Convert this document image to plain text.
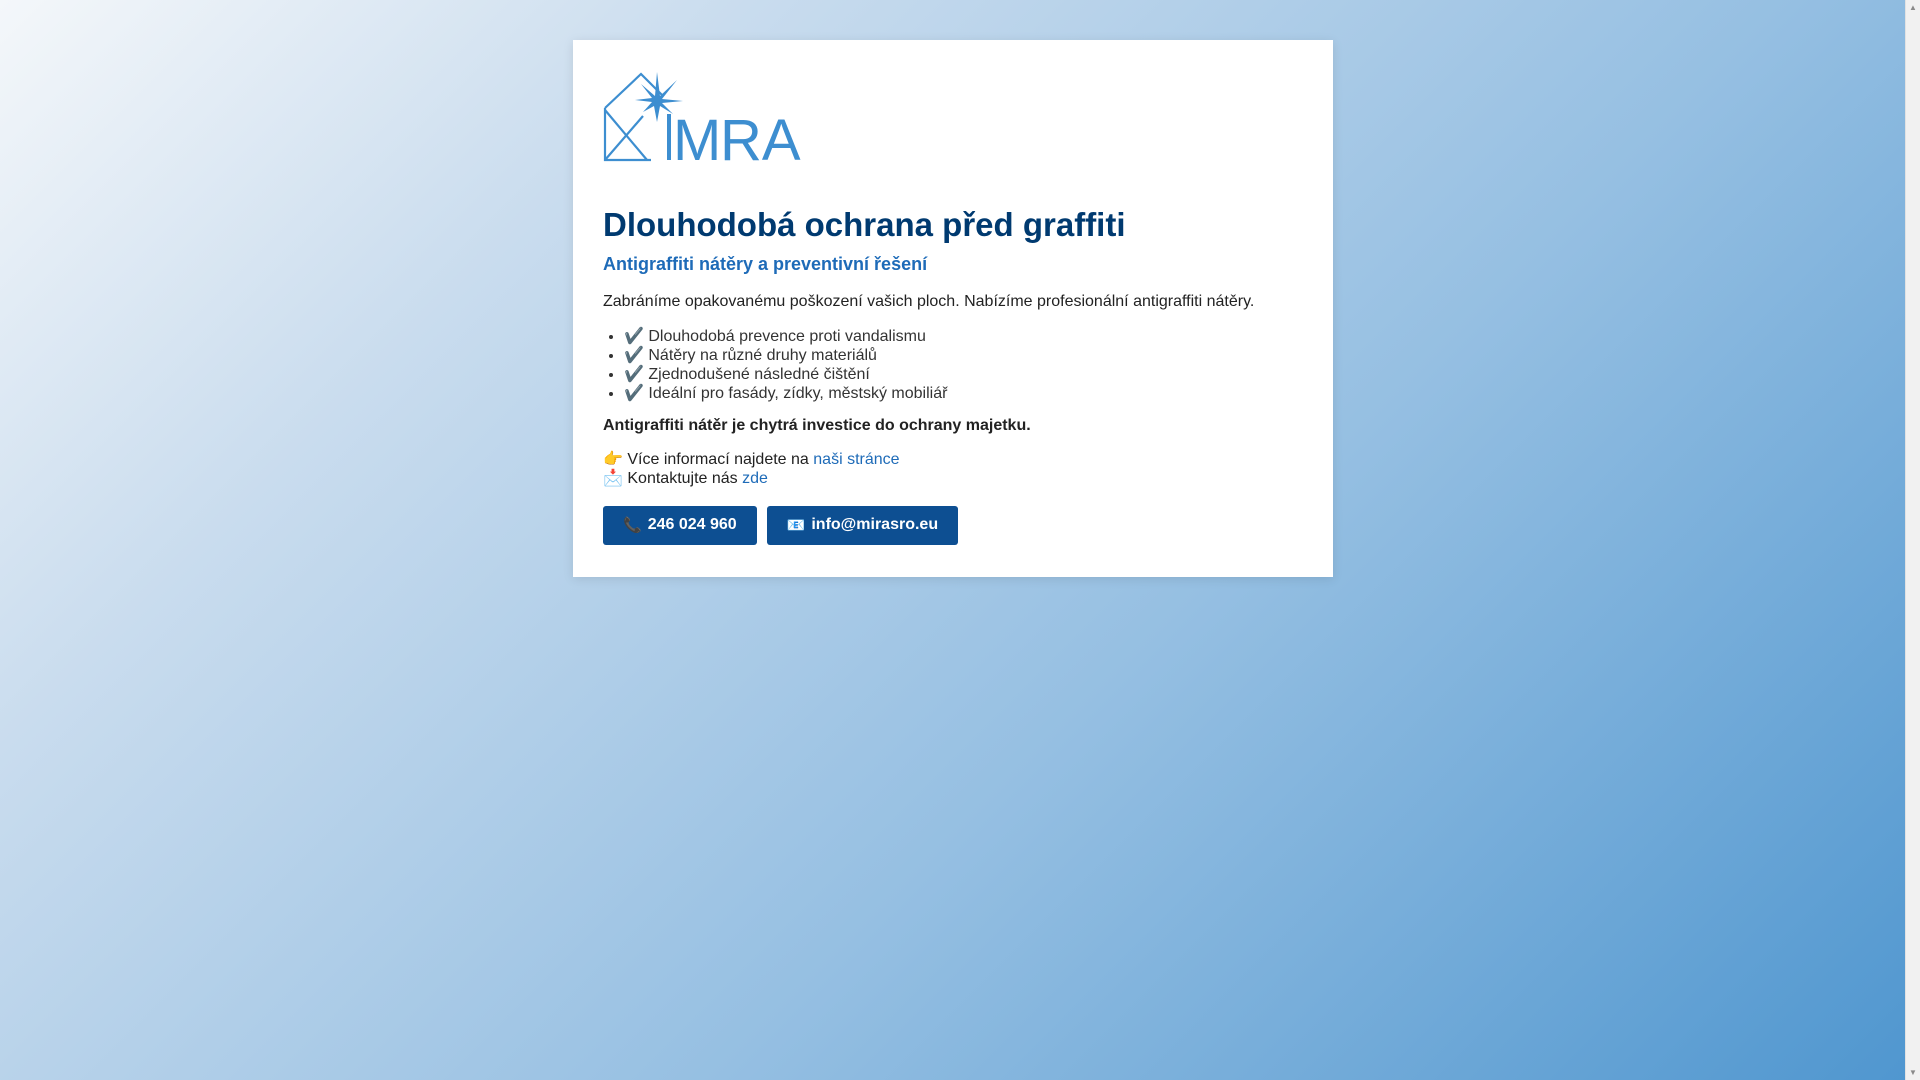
M RA
Dlouhodobá ochrana před graffiti
Antigraffiti nátěry a preventivní řešení

Zabráníme opakovanému poškození vašich ploch. Nabízíme profesionální antigraffiti nátěry.

• ✔️ Dlouhodobá prevence proti vandalismu
• ✔️ Nátěry na různé druhy materiálů
• ✔️ Zjednodušené následné čištění
• ✔️ Ideální pro fasády, zídky, městský mobiliář

Antigraffiti nátěr je chytrá investice do ochrany majetku.

👉 Více informací najdete na naši stránce
📩 Kontaktujte nás zde
📞 246 024 960	📧 info@mirasro.eu
▲
▼
